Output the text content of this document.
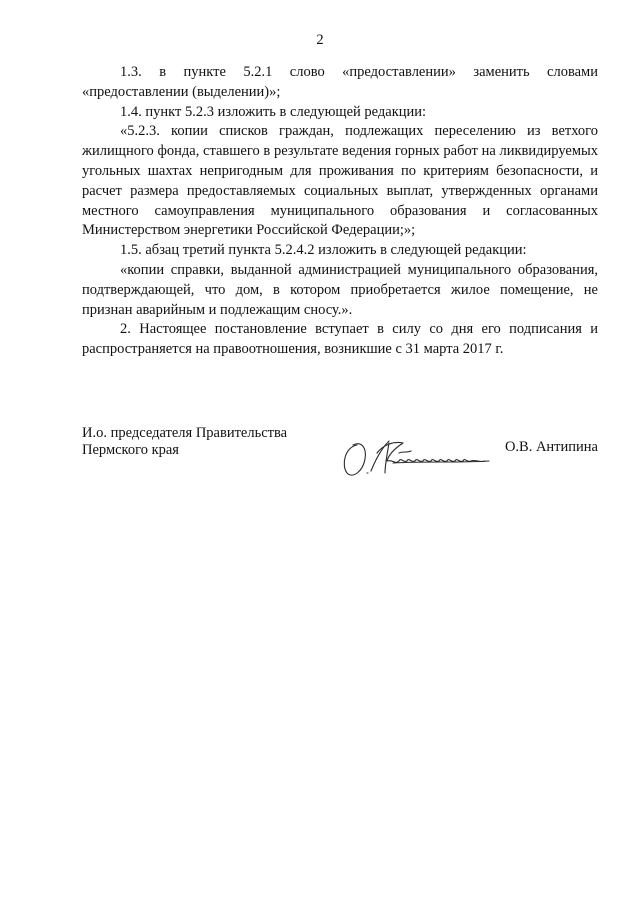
2

1.3. в пункте 5.2.1 слово «предоставлении» заменить словами «предоставлении (выделении)»;

1.4. пункт 5.2.3 изложить в следующей редакции:

«5.2.3. копии списков граждан, подлежащих переселению из ветхого жилищного фонда, ставшего в результате ведения горных работ на ликвидируемых угольных шахтах непригодным для проживания по критериям безопасности, и расчет размера предоставляемых социальных выплат, утвержденных органами местного самоуправления муниципального образования и согласованных Министерством энергетики Российской Федерации;»;

1.5. абзац третий пункта 5.2.4.2 изложить в следующей редакции:

«копии справки, выданной администрацией муниципального образования, подтверждающей, что дом, в котором приобретается жилое помещение, не признан аварийным и подлежащим сносу.».

2. Настоящее постановление вступает в силу со дня его подписания и распространяется на правоотношения, возникшие с 31 марта 2017 г.

И.о. председателя Правительства
Пермского края	О.В. Антипина
